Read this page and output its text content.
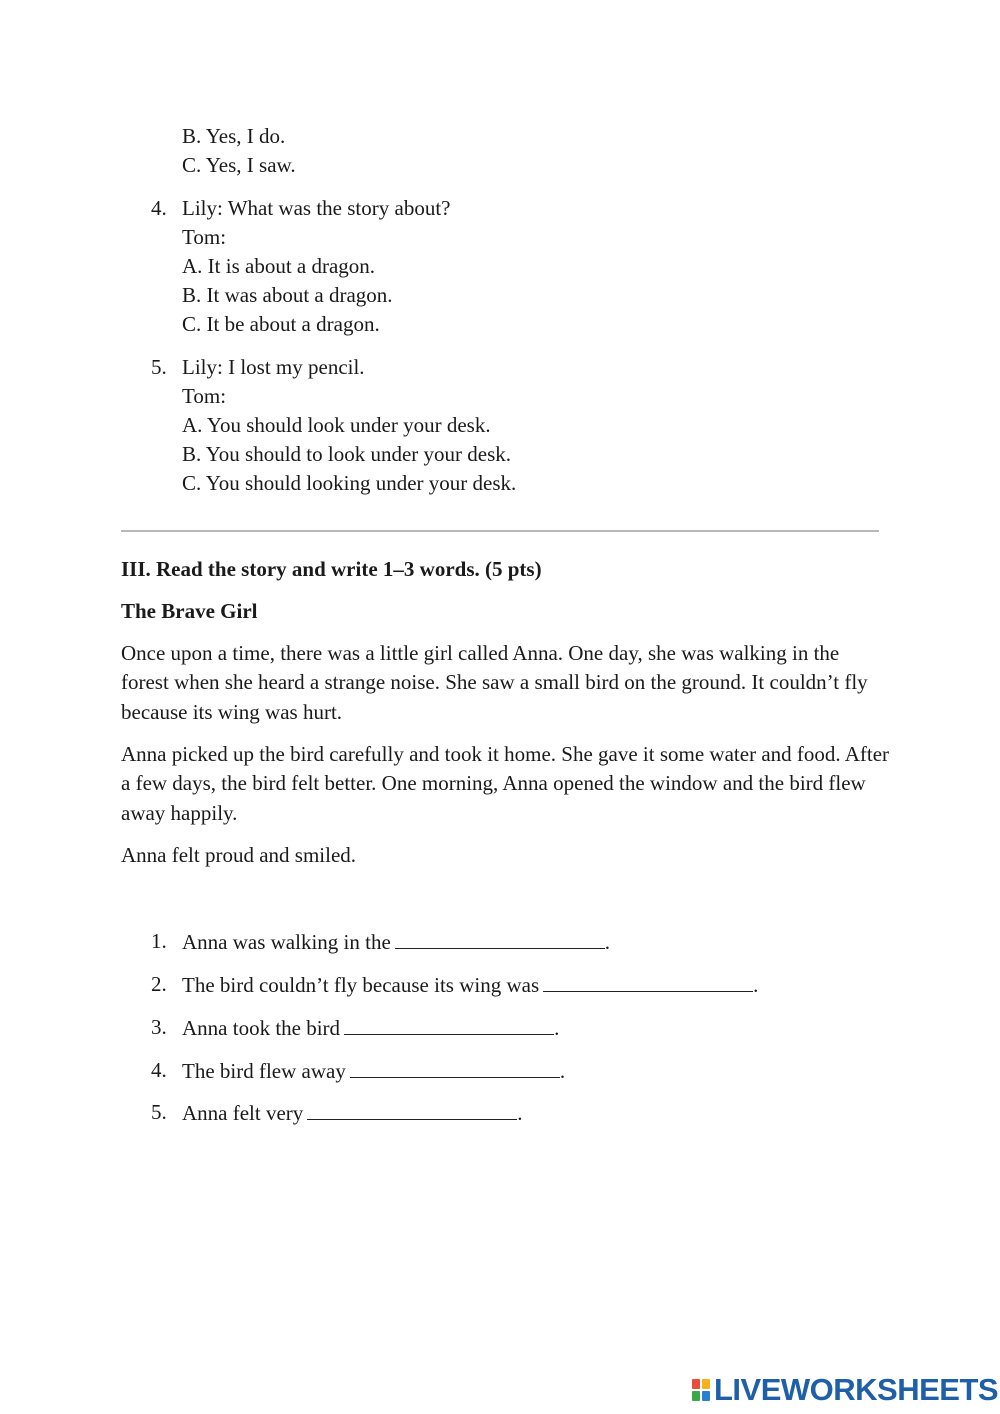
B. Yes, I do.
C. Yes, I saw.
4. Lily: What was the story about?
Tom:
A. It is about a dragon.
B. It was about a dragon.
C. It be about a dragon.
5. Lily: I lost my pencil.
Tom:
A. You should look under your desk.
B. You should to look under your desk.
C. You should looking under your desk.
III. Read the story and write 1–3 words. (5 pts)
The Brave Girl
Once upon a time, there was a little girl called Anna. One day, she was walking in the forest when she heard a strange noise. She saw a small bird on the ground. It couldn’t fly because its wing was hurt.
Anna picked up the bird carefully and took it home. She gave it some water and food. After a few days, the bird felt better. One morning, Anna opened the window and the bird flew away happily.
Anna felt proud and smiled.
1. Anna was walking in the	.
2. The bird couldn’t fly because its wing was	.
3. Anna took the bird	.
4. The bird flew away	.
5. Anna felt very	.
LIVEWORKSHEETS
